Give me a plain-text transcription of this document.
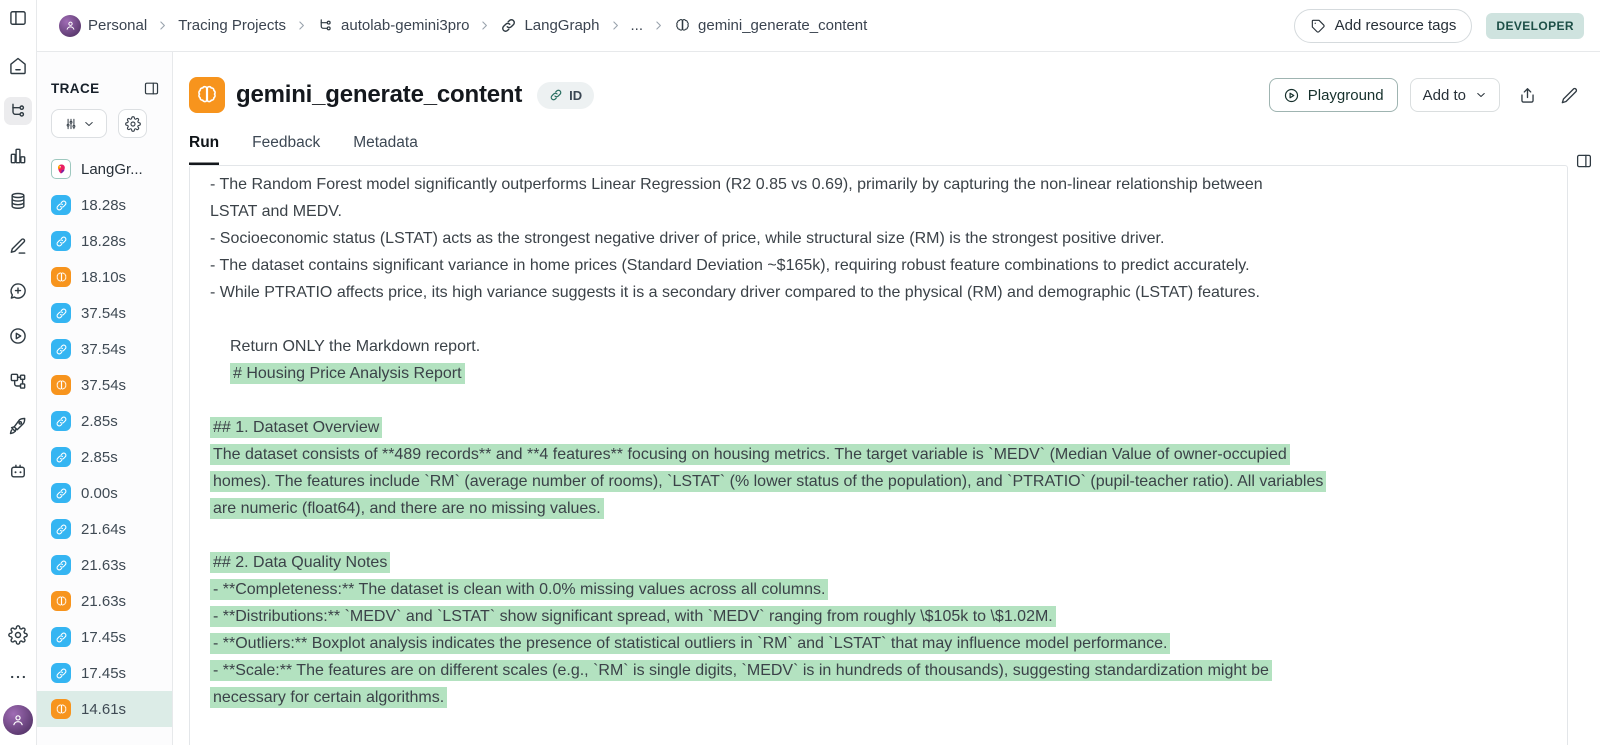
Personal Tracing Projects	autolab-gemini3pro	LangGraph ...	gemini_generate_content	Add resource tags	DEVELOPER
TRACE
LangGr...
18.28s
18.28s
18.10s
37.54s
37.54s
37.54s
2.85s
2.85s
0.00s
21.64s
21.63s
21.63s
17.45s
17.45s
14.61s
gemini_generate_content	ID	Playground	Add to
Run Feedback Metadata
- The Random Forest model significantly outperforms Linear Regression (R2 0.85 vs 0.69), primarily by capturing the non-linear relationship between
LSTAT and MEDV.
- Socioeconomic status (LSTAT) acts as the strongest negative driver of price, while structural size (RM) is the strongest positive driver.
- The dataset contains significant variance in home prices (Standard Deviation ~$165k), requiring robust feature combinations to predict accurately.
- While PTRATIO affects price, its high variance suggests it is a secondary driver compared to the physical (RM) and demographic (LSTAT) features.
Return ONLY the Markdown report.
# Housing Price Analysis Report
## 1. Dataset Overview
The dataset consists of **489 records** and **4 features** focusing on housing metrics. The target variable is `MEDV` (Median Value of owner-occupied
homes). The features include `RM` (average number of rooms), `LSTAT` (% lower status of the population), and `PTRATIO` (pupil-teacher ratio). All variables
are numeric (float64), and there are no missing values.
## 2. Data Quality Notes
- **Completeness:** The dataset is clean with 0.0% missing values across all columns.
- **Distributions:** `MEDV` and `LSTAT` show significant spread, with `MEDV` ranging from roughly \$105k to \$1.02M.
- **Outliers:** Boxplot analysis indicates the presence of statistical outliers in `RM` and `LSTAT` that may influence model performance.
- **Scale:** The features are on different scales (e.g., `RM` is single digits, `MEDV` is in hundreds of thousands), suggesting standardization might be
necessary for certain algorithms.
